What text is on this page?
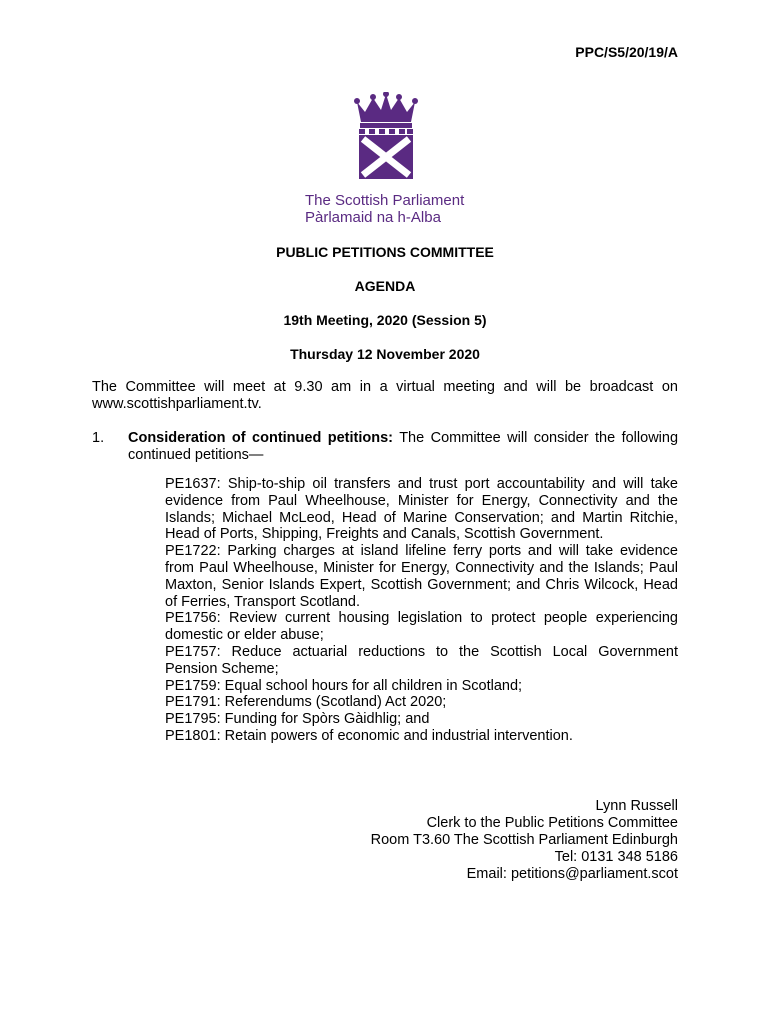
PPC/S5/20/19/A
The Scottish Parliament
Pàrlamaid na h-Alba
PUBLIC PETITIONS COMMITTEE
AGENDA
19th Meeting, 2020 (Session 5)
Thursday 12 November 2020
The Committee will meet at 9.30 am in a virtual meeting and will be broadcast on www.scottishparliament.tv.
1. Consideration of continued petitions: The Committee will consider the following continued petitions—

PE1637: Ship-to-ship oil transfers and trust port accountability and will take evidence from Paul Wheelhouse, Minister for Energy, Connectivity and the Islands; Michael McLeod, Head of Marine Conservation; and Martin Ritchie, Head of Ports, Shipping, Freights and Canals, Scottish Government.

PE1722: Parking charges at island lifeline ferry ports and will take evidence from Paul Wheelhouse, Minister for Energy, Connectivity and the Islands; Paul Maxton, Senior Islands Expert, Scottish Government; and Chris Wilcock, Head of Ferries, Transport Scotland.

PE1756: Review current housing legislation to protect people experiencing domestic or elder abuse;

PE1757: Reduce actuarial reductions to the Scottish Local Government Pension Scheme;

PE1759: Equal school hours for all children in Scotland;

PE1791: Referendums (Scotland) Act 2020;

PE1795: Funding for Spòrs Gàidhlig; and

PE1801: Retain powers of economic and industrial intervention.

Lynn Russell
Clerk to the Public Petitions Committee
Room T3.60 The Scottish Parliament Edinburgh
Tel: 0131 348 5186
Email: petitions@parliament.scot
